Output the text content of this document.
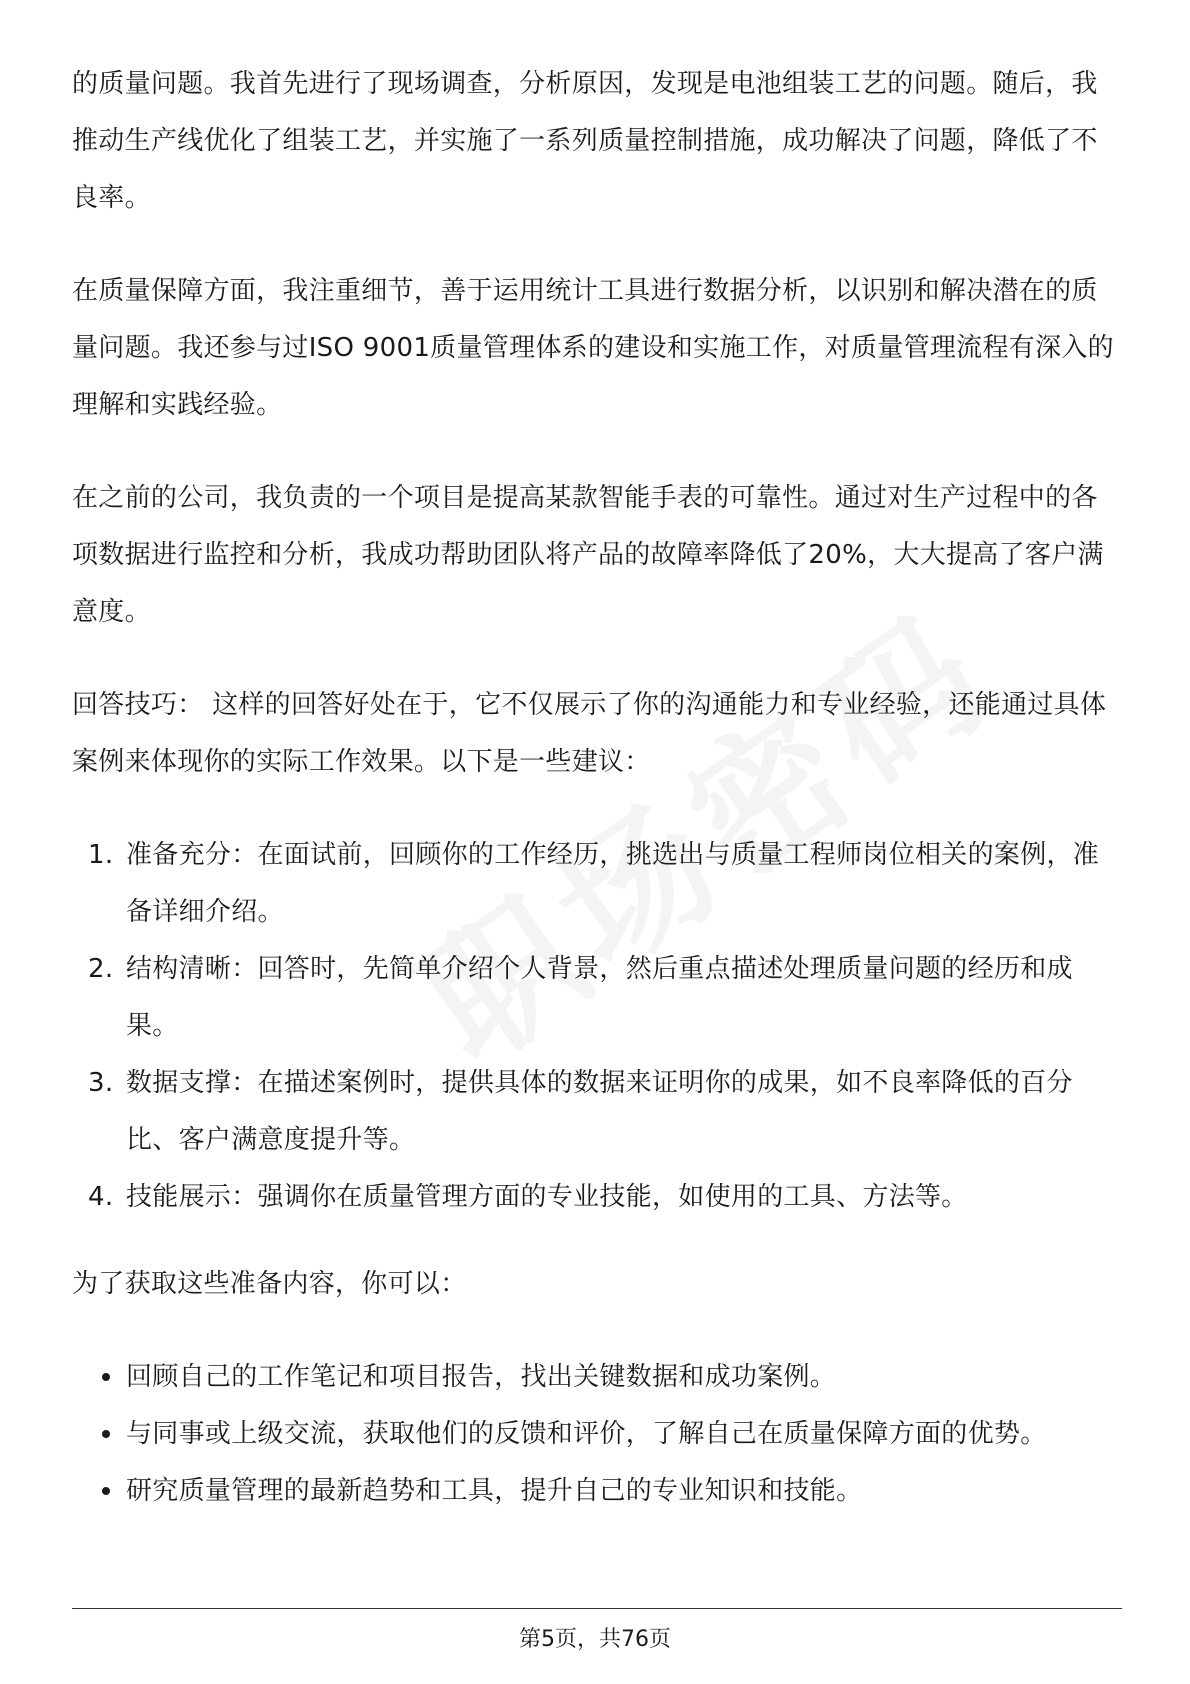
的质量问题。我首先进行了现场调查，分析原因，发现是电池组装工艺的问题。随后，我推动生产线优化了组装工艺，并实施了一系列质量控制措施，成功解决了问题，降低了不良率。

在质量保障方面，我注重细节，善于运用统计工具进行数据分析，以识别和解决潜在的质量问题。我还参与过ISO 9001质量管理体系的建设和实施工作，对质量管理流程有深入的理解和实践经验。

在之前的公司，我负责的一个项目是提高某款智能手表的可靠性。通过对生产过程中的各项数据进行监控和分析，我成功帮助团队将产品的故障率降低了20%，大大提高了客户满意度。

回答技巧： 这样的回答好处在于，它不仅展示了你的沟通能力和专业经验，还能通过具体案例来体现你的实际工作效果。以下是一些建议：

1. 准备充分：在面试前，回顾你的工作经历，挑选出与质量工程师岗位相关的案例，准备详细介绍。
2. 结构清晰：回答时，先简单介绍个人背景，然后重点描述处理质量问题的经历和成果。
3. 数据支撑：在描述案例时，提供具体的数据来证明你的成果，如不良率降低的百分比、客户满意度提升等。
4. 技能展示：强调你在质量管理方面的专业技能，如使用的工具、方法等。

为了获取这些准备内容，你可以：

回顾自己的工作笔记和项目报告，找出关键数据和成功案例。
与同事或上级交流，获取他们的反馈和评价，了解自己在质量保障方面的优势。
研究质量管理的最新趋势和工具，提升自己的专业知识和技能。
第5页，共76页
